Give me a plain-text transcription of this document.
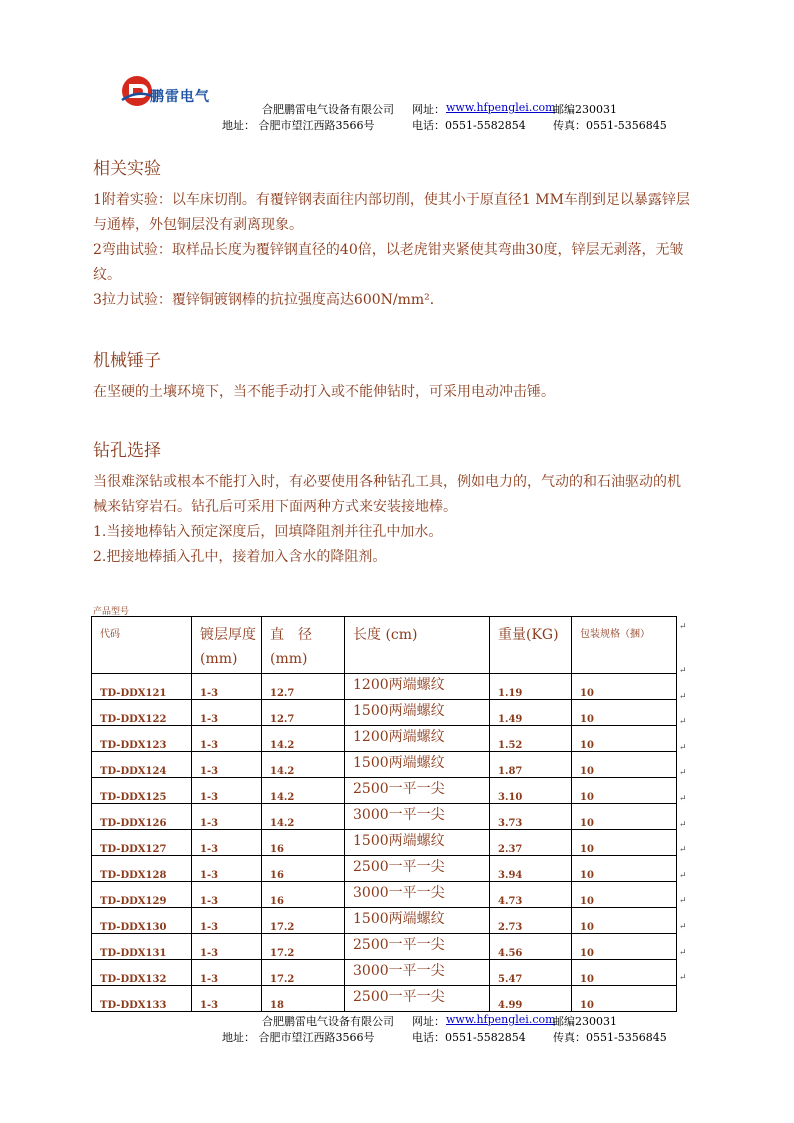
鹏雷电气
合肥鹏雷电气设备有限公司 网址： www.hfpenglei.com
邮编230031
地址： 合肥市望江西路3566号	电话：0551-5582854 传真：0551-5356845
相关实验
1附着实验：以车床切削。有覆锌钢表面往内部切削，使其小于原直径1 MM车削到足以暴露锌层与通棒，外包铜层没有剥离现象。
2弯曲试验：取样品长度为覆锌钢直径的40倍，以老虎钳夹紧使其弯曲30度，锌层无剥落，无皱纹。
3拉力试验：覆锌铜镀钢棒的抗拉强度高达600N/mm²．
机械锤子
在坚硬的土壤环境下，当不能手动打入或不能伸钻时，可采用电动冲击锤。
钻孔选择
当很难深钻或根本不能打入时，有必要使用各种钻孔工具，例如电力的，气动的和石油驱动的机械来钻穿岩石。钻孔后可采用下面两种方式来安装接地棒。
1.当接地棒钻入预定深度后，回填降阻剂并往孔中加水。
2.把接地棒插入孔中，接着加入含水的降阻剂。
产品型号
代码	镀层厚度(mm)	直　径(mm)	长度 (cm)	重量(KG)	包装规格（捆）
TD-DDX121	1-3	12.7	1200两端螺纹	1.19	10
TD-DDX122	1-3	12.7	1500两端螺纹	1.49	10
TD-DDX123	1-3	14.2	1200两端螺纹	1.52	10
TD-DDX124	1-3	14.2	1500两端螺纹	1.87	10
TD-DDX125	1-3	14.2	2500一平一尖	3.10	10
TD-DDX126	1-3	14.2	3000一平一尖	3.73	10
TD-DDX127	1-3	16	1500两端螺纹	2.37	10
TD-DDX128	1-3	16	2500一平一尖	3.94	10
TD-DDX129	1-3	16	3000一平一尖	4.73	10
TD-DDX130	1-3	17.2	1500两端螺纹	2.73	10
TD-DDX131	1-3	17.2	2500一平一尖	4.56	10
TD-DDX132	1-3	17.2	3000一平一尖	5.47	10
TD-DDX133	1-3	18	2500一平一尖	4.99	10
↵
↵
↵
↵
↵
↵
↵
↵
↵
↵
↵
↵
↵
↵
合肥鹏雷电气设备有限公司 网址： www.hfpenglei.com
邮编230031
地址： 合肥市望江西路3566号	电话：0551-5582854 传真：0551-5356845
